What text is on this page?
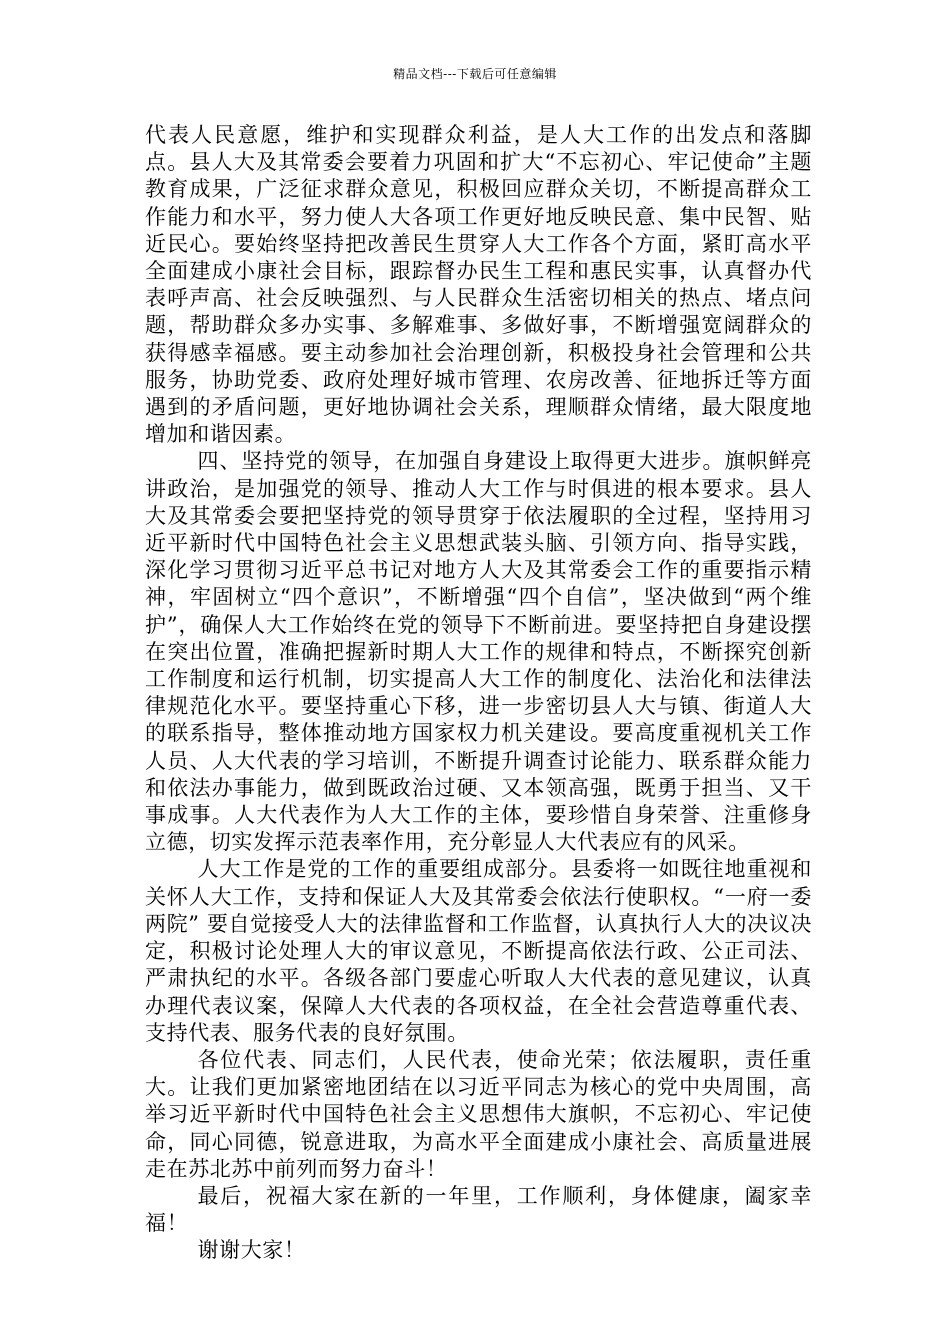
精品文档---下载后可任意编辑

代表人民意愿，维护和实现群众利益，是人大工作的出发点和落脚点。县人大及其常委会要着力巩固和扩大“不忘初心、牢记使命”主题教育成果，广泛征求群众意见，积极回应群众关切，不断提高群众工作能力和水平，努力使人大各项工作更好地反映民意、集中民智、贴近民心。要始终坚持把改善民生贯穿人大工作各个方面，紧盯高水平全面建成小康社会目标，跟踪督办民生工程和惠民实事，认真督办代表呼声高、社会反映强烈、与人民群众生活密切相关的热点、堵点问题，帮助群众多办实事、多解难事、多做好事，不断增强宽阔群众的获得感幸福感。要主动参加社会治理创新，积极投身社会管理和公共服务，协助党委、政府处理好城市管理、农房改善、征地拆迁等方面遇到的矛盾问题，更好地协调社会关系，理顺群众情绪，最大限度地增加和谐因素。

四、坚持党的领导，在加强自身建设上取得更大进步。旗帜鲜亮讲政治，是加强党的领导、推动人大工作与时俱进的根本要求。县人大及其常委会要把坚持党的领导贯穿于依法履职的全过程，坚持用习近平新时代中国特色社会主义思想武装头脑、引领方向、指导实践，深化学习贯彻习近平总书记对地方人大及其常委会工作的重要指示精神，牢固树立“四个意识”，不断增强“四个自信”，坚决做到“两个维护”，确保人大工作始终在党的领导下不断前进。要坚持把自身建设摆在突出位置，准确把握新时期人大工作的规律和特点，不断探究创新工作制度和运行机制，切实提高人大工作的制度化、法治化和法律法律规范化水平。要坚持重心下移，进一步密切县人大与镇、街道人大的联系指导，整体推动地方国家权力机关建设。要高度重视机关工作人员、人大代表的学习培训，不断提升调查讨论能力、联系群众能力和依法办事能力，做到既政治过硬、又本领高强，既勇于担当、又干事成事。人大代表作为人大工作的主体，要珍惜自身荣誉、注重修身立德，切实发挥示范表率作用，充分彰显人大代表应有的风采。

人大工作是党的工作的重要组成部分。县委将一如既往地重视和关怀人大工作，支持和保证人大及其常委会依法行使职权。“一府一委两院” 要自觉接受人大的法律监督和工作监督，认真执行人大的决议决定，积极讨论处理人大的审议意见，不断提高依法行政、公正司法、严肃执纪的水平。各级各部门要虚心听取人大代表的意见建议，认真办理代表议案，保障人大代表的各项权益，在全社会营造尊重代表、支持代表、服务代表的良好氛围。

各位代表、同志们，人民代表，使命光荣；依法履职，责任重大。让我们更加紧密地团结在以习近平同志为核心的党中央周围，高举习近平新时代中国特色社会主义思想伟大旗帜，不忘初心、牢记使命，同心同德，锐意进取，为高水平全面建成小康社会、高质量进展走在苏北苏中前列而努力奋斗！

最后，祝福大家在新的一年里，工作顺利，身体健康，阖家幸福！

谢谢大家！
